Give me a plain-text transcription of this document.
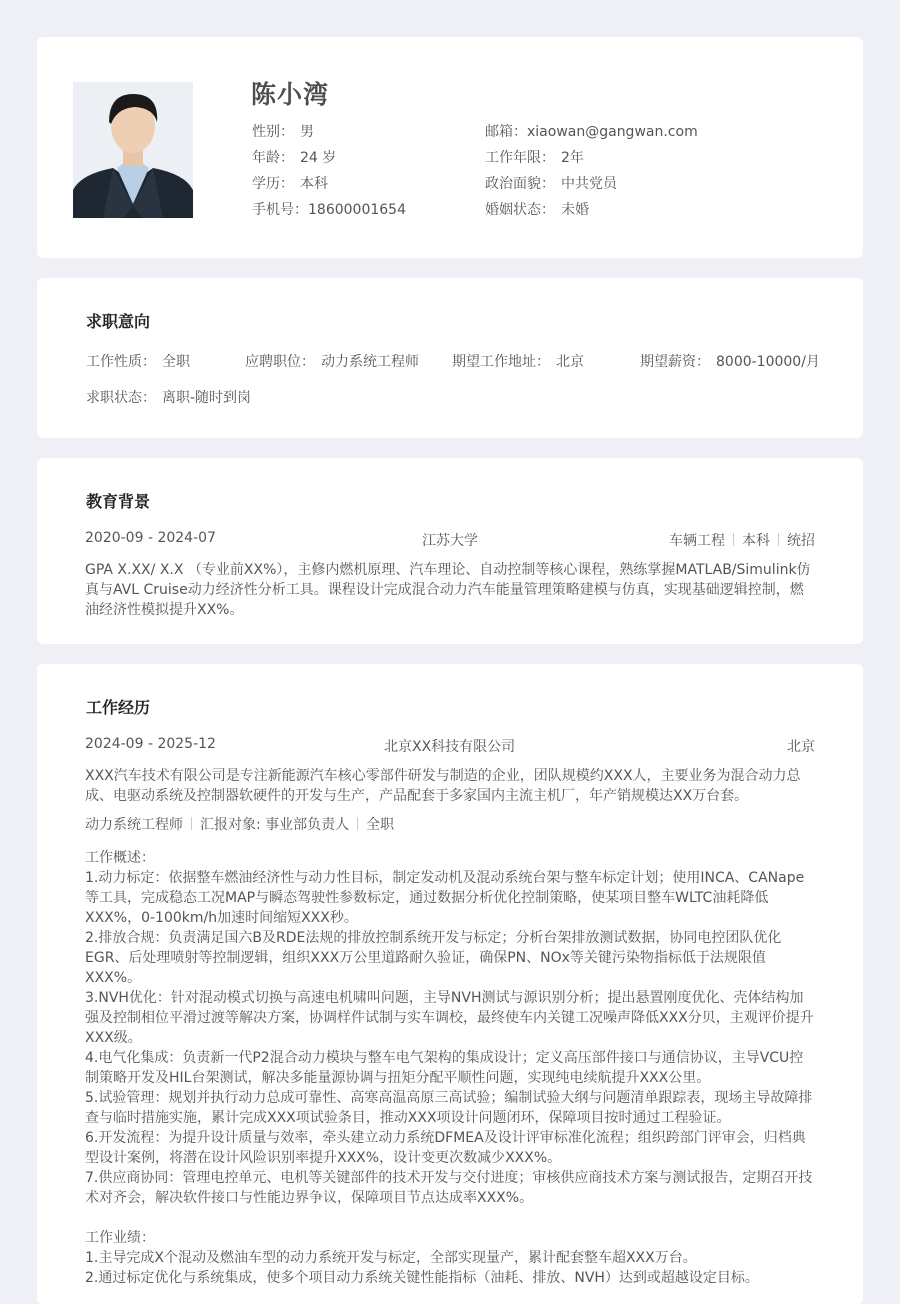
陈小湾
性别： 男
年龄： 24 岁
学历： 本科
手机号：18600001654
邮箱：xiaowan@gangwan.com
工作年限： 2年
政治面貌： 中共党员
婚姻状态： 未婚
求职意向
工作性质： 全职	应聘职位： 动力系统工程师 期望工作地址： 北京	期望薪资： 8000-10000/月
求职状态： 离职-随时到岗
教育背景
2020-09 - 2024-07	江苏大学	车辆工程 本科 统招
GPA X.XX/ X.X （专业前XX%），主修内燃机原理、汽车理论、自动控制等核心课程，熟练掌握MATLAB/Simulink仿真与AVL Cruise动力经济性分析工具。课程设计完成混合动力汽车能量管理策略建模与仿真，实现基础逻辑控制，燃油经济性模拟提升XX%。
工作经历
2024-09 - 2025-12	北京XX科技有限公司	北京
XXX汽车技术有限公司是专注新能源汽车核心零部件研发与制造的企业，团队规模约XXX人，主要业务为混合动力总成、电驱动系统及控制器软硬件的开发与生产，产品配套于多家国内主流主机厂，年产销规模达XX万台套。
动力系统工程师 汇报对象: 事业部负责人 全职
工作概述：
1.动力标定：依据整车燃油经济性与动力性目标，制定发动机及混动系统台架与整车标定计划；使用INCA、CANape等工具，完成稳态工况MAP与瞬态驾驶性参数标定，通过数据分析优化控制策略，使某项目整车WLTC油耗降低XXX%，0-100km/h加速时间缩短XXX秒。
2.排放合规：负责满足国六B及RDE法规的排放控制系统开发与标定；分析台架排放测试数据，协同电控团队优化EGR、后处理喷射等控制逻辑，组织XXX万公里道路耐久验证，确保PN、NOx等关键污染物指标低于法规限值XXX%。
3.NVH优化：针对混动模式切换与高速电机啸叫问题，主导NVH测试与源识别分析；提出悬置刚度优化、壳体结构加强及控制相位平滑过渡等解决方案，协调样件试制与实车调校，最终使车内关键工况噪声降低XXX分贝，主观评价提升XXX级。
4.电气化集成：负责新一代P2混合动力模块与整车电气架构的集成设计；定义高压部件接口与通信协议，主导VCU控制策略开发及HIL台架测试，解决多能量源协调与扭矩分配平顺性问题，实现纯电续航提升XXX公里。
5.试验管理：规划并执行动力总成可靠性、高寒高温高原三高试验；编制试验大纲与问题清单跟踪表，现场主导故障排查与临时措施实施，累计完成XXX项试验条目，推动XXX项设计问题闭环，保障项目按时通过工程验证。
6.开发流程：为提升设计质量与效率，牵头建立动力系统DFMEA及设计评审标准化流程；组织跨部门评审会，归档典型设计案例，将潜在设计风险识别率提升XXX%，设计变更次数减少XXX%。
7.供应商协同：管理电控单元、电机等关键部件的技术开发与交付进度；审核供应商技术方案与测试报告，定期召开技术对齐会，解决软件接口与性能边界争议，保障项目节点达成率XXX%。
工作业绩：
1.主导完成X个混动及燃油车型的动力系统开发与标定，全部实现量产，累计配套整车超XXX万台。
2.通过标定优化与系统集成，使多个项目动力系统关键性能指标（油耗、排放、NVH）达到或超越设定目标。
